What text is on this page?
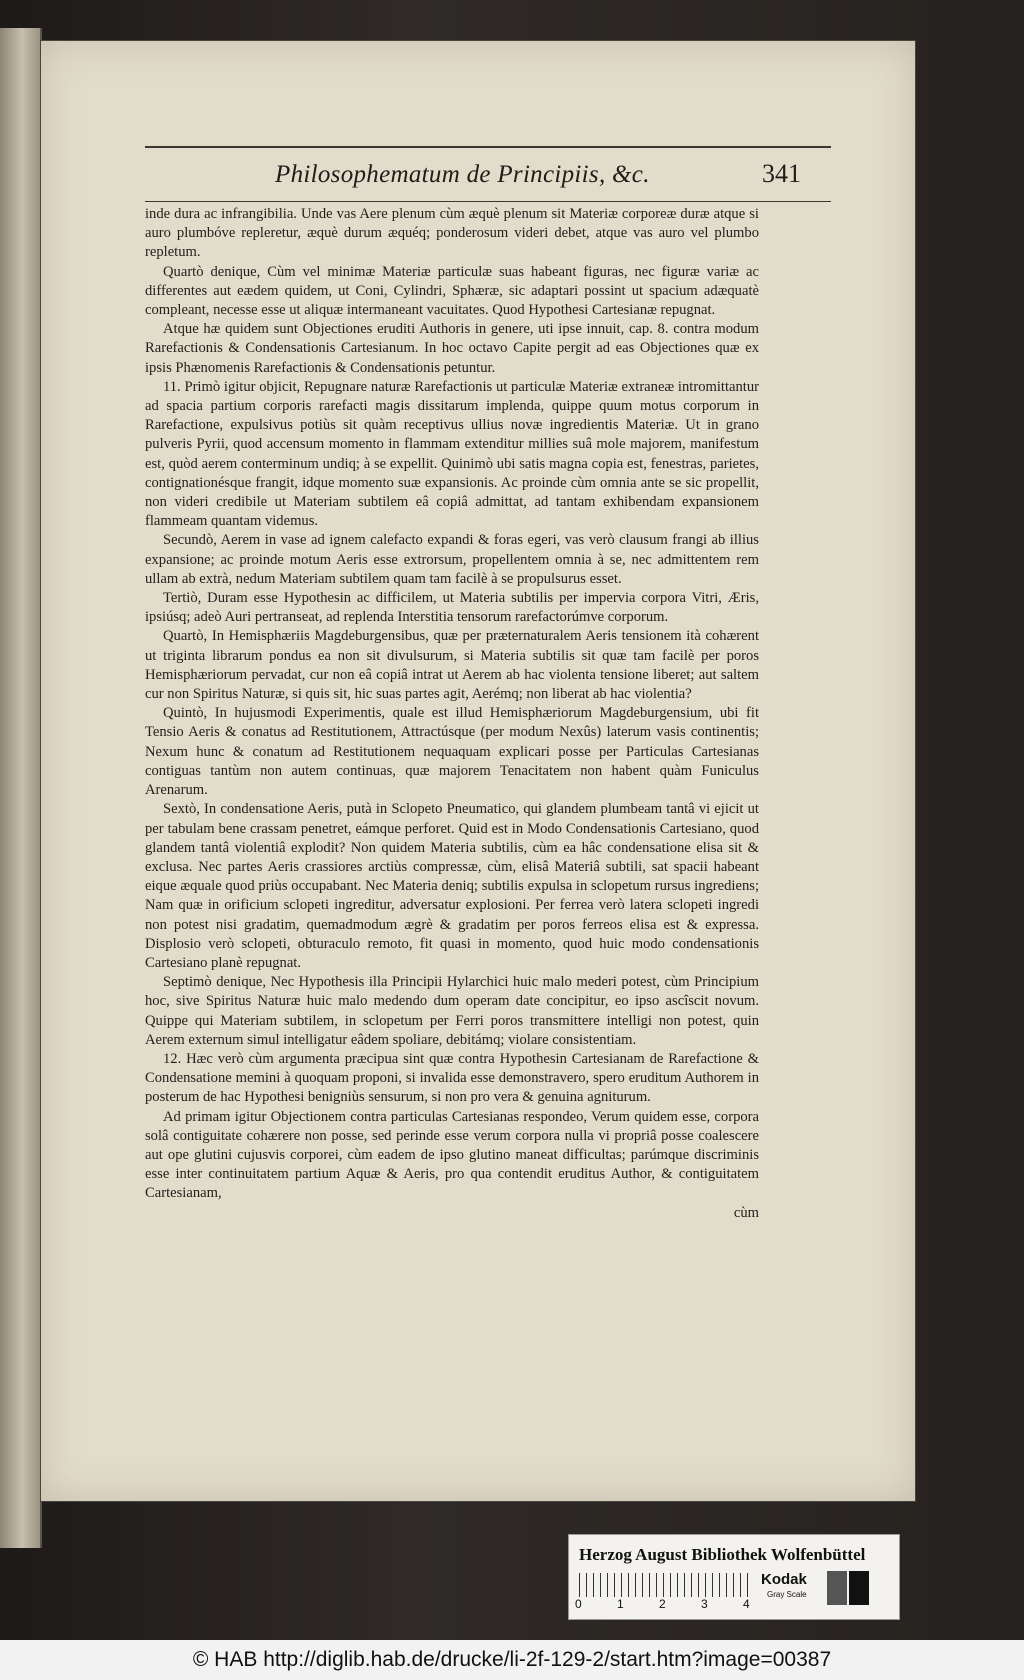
Philosophematum de Principiis, &c.	341

inde dura ac infrangibilia. Unde vas Aere plenum cùm æquè plenum sit Materiæ corporeæ duræ atque si auro plumbóve repleretur, æquè durum æquéq; ponderosum videri debet, atque vas auro vel plumbo repletum.

Quartò denique, Cùm vel minimæ Materiæ particulæ suas habeant figuras, nec figuræ variæ ac differentes aut eædem quidem, ut Coni, Cylindri, Sphæræ, sic adaptari possint ut spacium adæquatè compleant, necesse esse ut aliquæ intermaneant vacuitates. Quod Hypothesi Cartesianæ repugnat.

Atque hæ quidem sunt Objectiones eruditi Authoris in genere, uti ipse innuit, cap. 8. contra modum Rarefactionis & Condensationis Cartesianum. In hoc octavo Capite pergit ad eas Objectiones quæ ex ipsis Phænomenis Rarefactionis & Condensationis petuntur.

11. Primò igitur objicit, Repugnare naturæ Rarefactionis ut particulæ Materiæ extraneæ intromittantur ad spacia partium corporis rarefacti magis dissitarum implenda, quippe quum motus corporum in Rarefactione, expulsivus potiùs sit quàm receptivus ullius novæ ingredientis Materiæ. Ut in grano pulveris Pyrii, quod accensum momento in flammam extenditur millies suâ mole majorem, manifestum est, quòd aerem conterminum undiq; à se expellit. Quinimò ubi satis magna copia est, fenestras, parietes, contignationésque frangit, idque momento suæ expansionis. Ac proinde cùm omnia ante se sic propellit, non videri credibile ut Materiam subtilem eâ copiâ admittat, ad tantam exhibendam expansionem flammeam quantam videmus.

Secundò, Aerem in vase ad ignem calefacto expandi & foras egeri, vas verò clausum frangi ab illius expansione; ac proinde motum Aeris esse extrorsum, propellentem omnia à se, nec admittentem rem ullam ab extrà, nedum Materiam subtilem quam tam facilè à se propulsurus esset.

Tertiò, Duram esse Hypothesin ac difficilem, ut Materia subtilis per impervia corpora Vitri, Æris, ipsiúsq; adeò Auri pertranseat, ad replenda Interstitia tensorum rarefactorúmve corporum.

Quartò, In Hemisphæriis Magdeburgensibus, quæ per præternaturalem Aeris tensionem ità cohærent ut triginta librarum pondus ea non sit divulsurum, si Materia subtilis sit quæ tam facilè per poros Hemisphæriorum pervadat, cur non eâ copiâ intrat ut Aerem ab hac violenta tensione liberet; aut saltem cur non Spiritus Naturæ, si quis sit, hic suas partes agit, Aerémq; non liberat ab hac violentia?

Quintò, In hujusmodi Experimentis, quale est illud Hemisphæriorum Magdeburgensium, ubi fit Tensio Aeris & conatus ad Restitutionem, Attractúsque (per modum Nexûs) laterum vasis continentis; Nexum hunc & conatum ad Restitutionem nequaquam explicari posse per Particulas Cartesianas contiguas tantùm non autem continuas, quæ majorem Tenacitatem non habent quàm Funiculus Arenarum.

Sextò, In condensatione Aeris, putà in Sclopeto Pneumatico, qui glandem plumbeam tantâ vi ejicit ut per tabulam bene crassam penetret, eámque perforet. Quid est in Modo Condensationis Cartesiano, quod glandem tantâ violentiâ explodit? Non quidem Materia subtilis, cùm ea hâc condensatione elisa sit & exclusa. Nec partes Aeris crassiores arctiùs compressæ, cùm, elisâ Materiâ subtili, sat spacii habeant eique æquale quod priùs occupabant. Nec Materia deniq; subtilis expulsa in sclopetum rursus ingrediens; Nam quæ in orificium sclopeti ingreditur, adversatur explosioni. Per ferrea verò latera sclopeti ingredi non potest nisi gradatim, quemadmodum ægrè & gradatim per poros ferreos elisa est & expressa. Displosio verò sclopeti, obturaculo remoto, fit quasi in momento, quod huic modo condensationis Cartesiano planè repugnat.

Septimò denique, Nec Hypothesis illa Principii Hylarchici huic malo mederi potest, cùm Principium hoc, sive Spiritus Naturæ huic malo medendo dum operam date concipitur, eo ipso ascîscit novum. Quippe qui Materiam subtilem, in sclopetum per Ferri poros transmittere intelligi non potest, quin Aerem externum simul intelligatur eâdem spoliare, debitámq; violare consistentiam.

12. Hæc verò cùm argumenta præcipua sint quæ contra Hypothesin Cartesianam de Rarefactione & Condensatione memini à quoquam proponi, si invalida esse demonstravero, spero eruditum Authorem in posterum de hac Hypothesi benigniùs sensurum, si non pro vera & genuina agniturum.

Ad primam igitur Objectionem contra particulas Cartesianas respondeo, Verum quidem esse, corpora solâ contiguitate cohærere non posse, sed perinde esse verum corpora nulla vi propriâ posse coalescere aut ope glutini cujusvis corporei, cùm eadem de ipso glutino maneat difficultas; parúmque discriminis esse inter continuitatem partium Aquæ & Aeris, pro qua contendit eruditus Author, & contiguitatem Cartesianam,

cùm

Herzog August Bibliothek Wolfenbüttel
0	1	2	3	4
Kodak
Gray Scale
© HAB http://diglib.hab.de/drucke/li-2f-129-2/start.htm?image=00387
